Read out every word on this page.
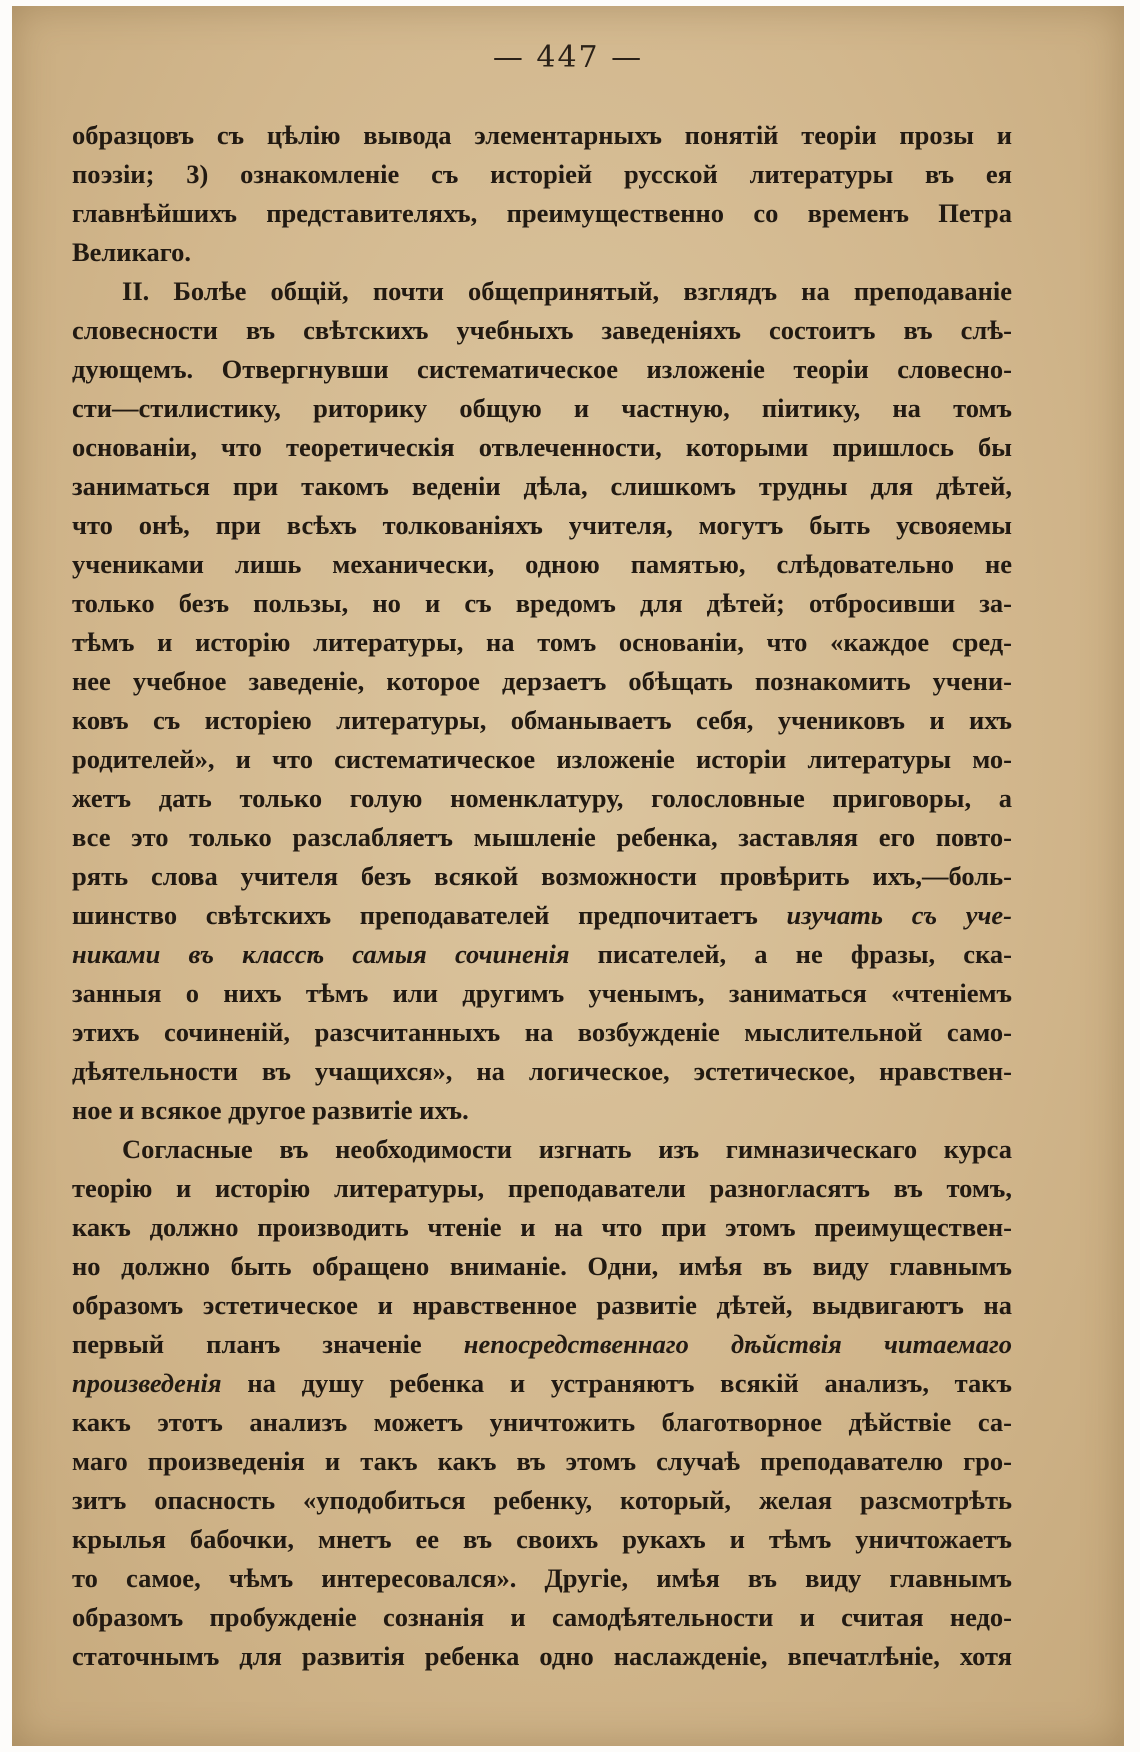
— 447 —
образцовъ съ цѣлію вывода элементарныхъ понятій теоріи прозы и
поэзіи; 3) ознакомленіе съ исторіей русской литературы въ ея
главнѣйшихъ представителяхъ, преимущественно со временъ Петра
Великаго.
II. Болѣе общій, почти общепринятый, взглядъ на преподаваніе
словесности въ свѣтскихъ учебныхъ заведеніяхъ состоитъ въ слѣ-
дующемъ. Отвергнувши систематическое изложеніе теоріи словесно-
сти—стилистику, риторику общую и частную, піитику, на томъ
основаніи, что теоретическія отвлеченности, которыми пришлось бы
заниматься при такомъ веденіи дѣла, слишкомъ трудны для дѣтей,
что онѣ, при всѣхъ толкованіяхъ учителя, могутъ быть усвояемы
учениками лишь механически, одною памятью, слѣдовательно не
только безъ пользы, но и съ вредомъ для дѣтей; отбросивши за-
тѣмъ и исторію литературы, на томъ основаніи, что «каждое сред-
нее учебное заведеніе, которое дерзаетъ обѣщать познакомить учени-
ковъ съ исторіею литературы, обманываетъ себя, учениковъ и ихъ
родителей», и что систематическое изложеніе исторіи литературы мо-
жетъ дать только голую номенклатуру, голословные приговоры, а
все это только разслабляетъ мышленіе ребенка, заставляя его повто-
рять слова учителя безъ всякой возможности провѣрить ихъ,—боль-
шинство свѣтскихъ преподавателей предпочитаетъ изучать съ уче-
никами въ классѣ самыя сочиненія писателей, а не фразы, ска-
занныя о нихъ тѣмъ или другимъ ученымъ, заниматься «чтеніемъ
этихъ сочиненій, разсчитанныхъ на возбужденіе мыслительной само-
дѣятельности въ учащихся», на логическое, эстетическое, нравствен-
ное и всякое другое развитіе ихъ.
Согласные въ необходимости изгнать изъ гимназическаго курса
теорію и исторію литературы, преподаватели разногласятъ въ томъ,
какъ должно производить чтеніе и на что при этомъ преимуществен-
но должно быть обращено вниманіе. Одни, имѣя въ виду главнымъ
образомъ эстетическое и нравственное развитіе дѣтей, выдвигаютъ на
первый планъ значеніе непосредственнаго дѣйствія читаемаго
произведенія на душу ребенка и устраняютъ всякій анализъ, такъ
какъ этотъ анализъ можетъ уничтожить благотворное дѣйствіе са-
маго произведенія и такъ какъ въ этомъ случаѣ преподавателю гро-
зитъ опасность «уподобиться ребенку, который, желая разсмотрѣть
крылья бабочки, мнетъ ее въ своихъ рукахъ и тѣмъ уничтожаетъ
то самое, чѣмъ интересовался». Другіе, имѣя въ виду главнымъ
образомъ пробужденіе сознанія и самодѣятельности и считая недо-
статочнымъ для развитія ребенка одно наслажденіе, впечатлѣніе, хотя
